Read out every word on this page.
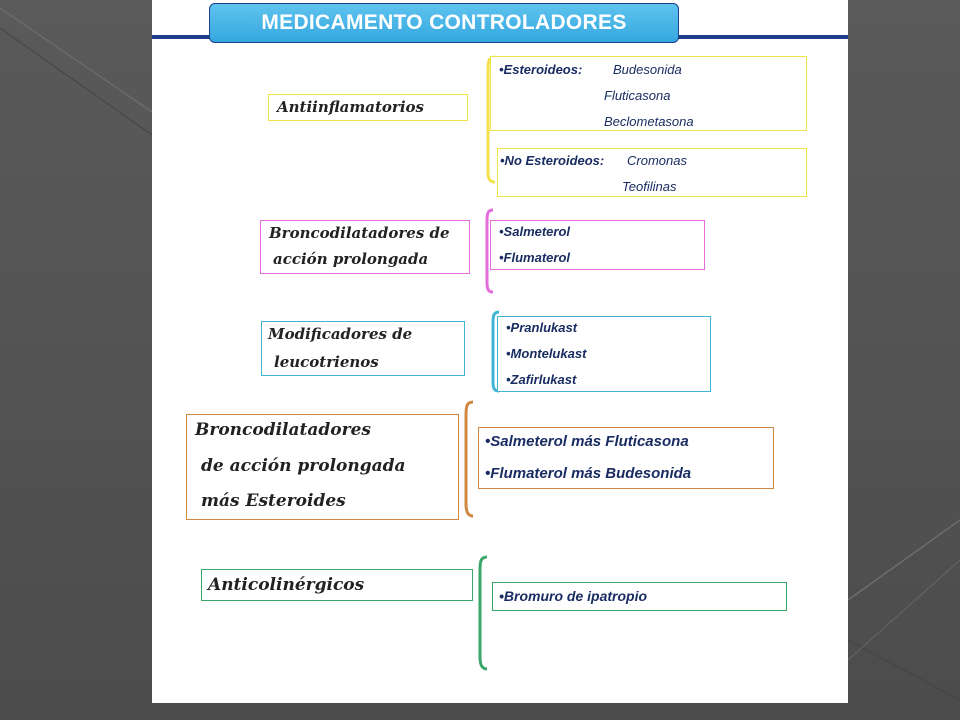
MEDICAMENTO CONTROLADORES
Antiinflamatorios
•Esteroideos: Budesonida
Fluticasona
Beclometasona
•No Esteroideos: Cromonas
Teofilinas
Broncodilatadores de
acción prolongada
•Salmeterol
•Flumaterol
Modificadores de
leucotrienos
•Pranlukast
•Montelukast
•Zafirlukast
Broncodilatadores
de acción prolongada
más Esteroides
•Salmeterol más Fluticasona
•Flumaterol más Budesonida
Anticolinérgicos
•Bromuro de ipatropio
